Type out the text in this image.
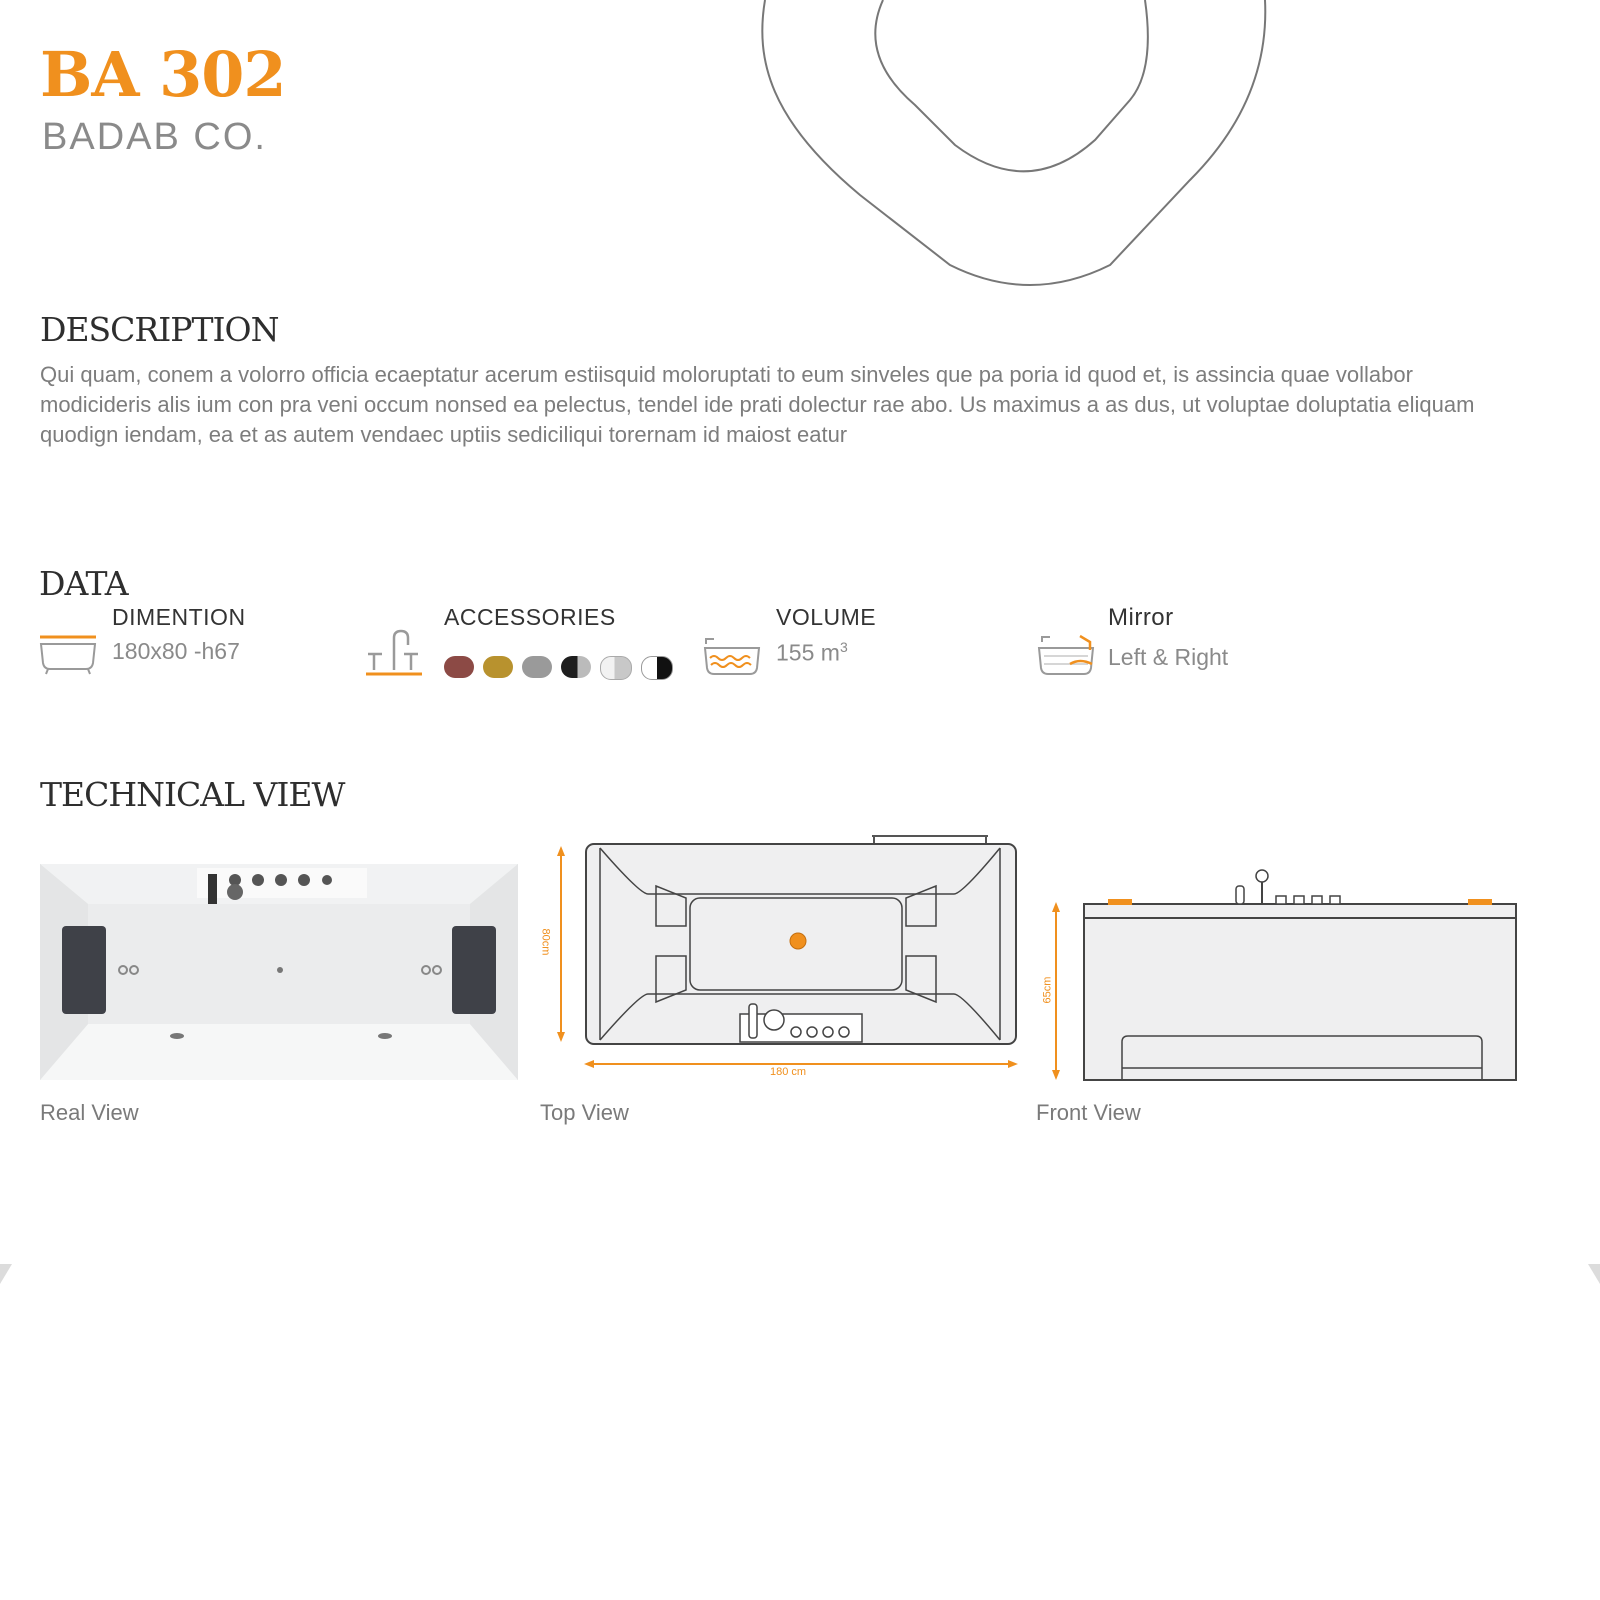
BA 302
BADAB CO.
DESCRIPTION

Qui quam, conem a volorro officia ecaeptatur acerum estiisquid moloruptati to eum sinveles que pa poria id quod et, is assincia quae vollabor modicideris alis ium con pra veni occum nonsed ea pelectus, tendel ide prati dolectur rae abo. Us maximus a as dus, ut voluptae doluptatia eliquam quodign iendam, ea et as autem vendaec uptiis sediciliqui torernam id maiost eatur

DATA
DIMENTION
180x80 -h67
ACCESSORIES	VOLUME
155 $m^3$
Mirror
Left & Right
TECHNICAL VIEW
Real View
80cm
180 cm
Top View
65cm
Front View
